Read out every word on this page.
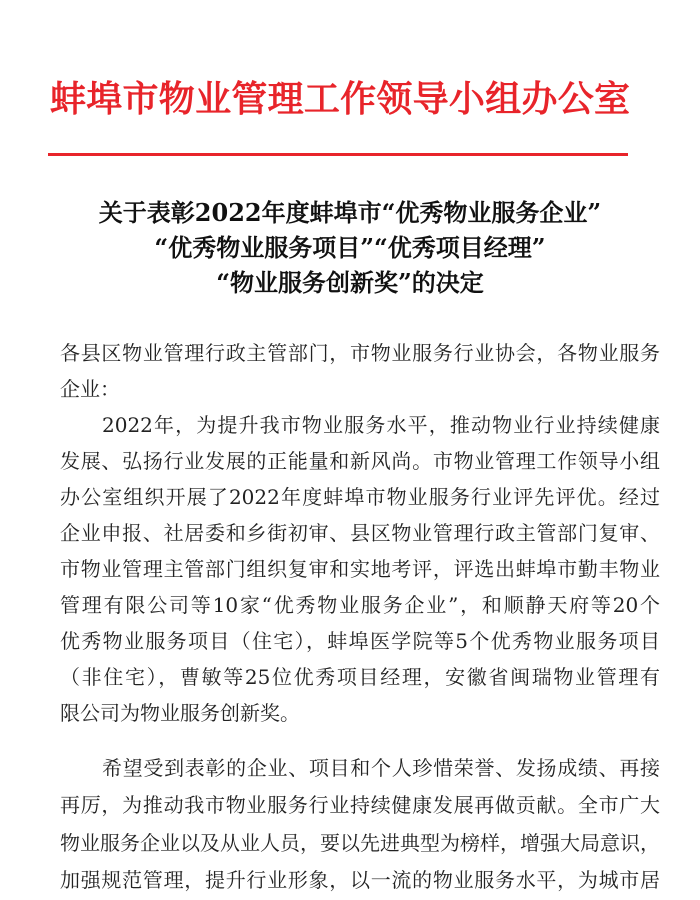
蚌埠市物业管理工作领导小组办公室
关于表彰2022年度蚌埠市“优秀物业服务企业”
“优秀物业服务项目”“优秀项目经理”
“物业服务创新奖”的决定
各县区物业管理行政主管部门，市物业服务行业协会，各物业服务
企业：
2022年，为提升我市物业服务水平，推动物业行业持续健康
发展、弘扬行业发展的正能量和新风尚。市物业管理工作领导小组
办公室组织开展了2022年度蚌埠市物业服务行业评先评优。经过
企业申报、社居委和乡街初审、县区物业管理行政主管部门复审、
市物业管理主管部门组织复审和实地考评，评选出蚌埠市勤丰物业
管理有限公司等10家“优秀物业服务企业”，和顺静天府等20个
优秀物业服务项目（住宅），蚌埠医学院等5个优秀物业服务项目
（非住宅），曹敏等25位优秀项目经理，安徽省闽瑞物业管理有
限公司为物业服务创新奖。
希望受到表彰的企业、项目和个人珍惜荣誉、发扬成绩、再接
再厉，为推动我市物业服务行业持续健康发展再做贡献。全市广大
物业服务企业以及从业人员，要以先进典型为榜样，增强大局意识，
加强规范管理，提升行业形象，以一流的物业服务水平，为城市居
